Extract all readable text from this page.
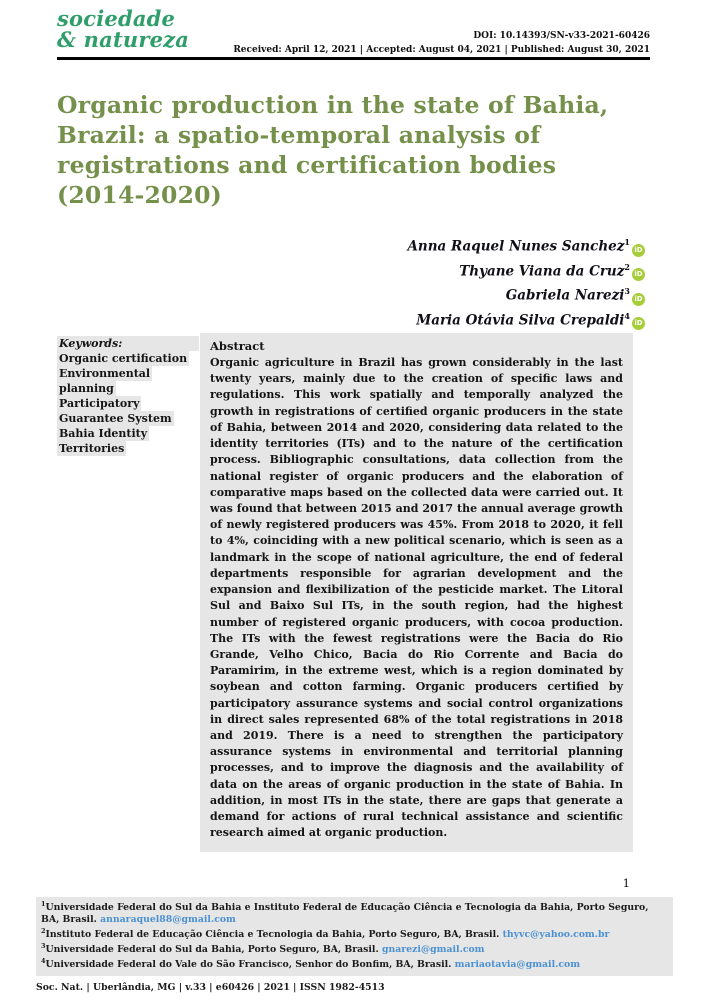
sociedade
& natureza	DOI: 10.14393/SN-v33-2021-60426
Received: April 12, 2021 | Accepted: August 04, 2021 | Published: August 30, 2021
Organic production in the state of Bahia, Brazil: a spatio-temporal analysis of registrations and certification bodies (2014-2020)
Anna Raquel Nunes Sanchez$^1$iD
Thyane Viana da Cruz$^2$iD
Gabriela Narezi$^3$iD
Maria Otávia Silva Crepaldi$^4$iD
Keywords:
Organic certification
Environmental planning
Participatory Guarantee System
Bahia Identity Territories
Abstract
Organic agriculture in Brazil has grown considerably in the last twenty years, mainly due to the creation of specific laws and regulations. This work spatially and temporally analyzed the growth in registrations of certified organic producers in the state of Bahia, between 2014 and 2020, considering data related to the identity territories (ITs) and to the nature of the certification process. Bibliographic consultations, data collection from the national register of organic producers and the elaboration of comparative maps based on the collected data were carried out. It was found that between 2015 and 2017 the annual average growth of newly registered producers was 45%. From 2018 to 2020, it fell to 4%, coinciding with a new political scenario, which is seen as a landmark in the scope of national agriculture, the end of federal departments responsible for agrarian development and the expansion and flexibilization of the pesticide market. The Litoral Sul and Baixo Sul ITs, in the south region, had the highest number of registered organic producers, with cocoa production. The ITs with the fewest registrations were the Bacia do Rio Grande, Velho Chico, Bacia do Rio Corrente and Bacia do Paramirim, in the extreme west, which is a region dominated by soybean and cotton farming. Organic producers certified by participatory assurance systems and social control organizations in direct sales represented 68% of the total registrations in 2018 and 2019. There is a need to strengthen the participatory assurance systems in environmental and territorial planning processes, and to improve the diagnosis and the availability of data on the areas of organic production in the state of Bahia. In addition, in most ITs in the state, there are gaps that generate a demand for actions of rural technical assistance and scientific research aimed at organic production.
1
$^1$Universidade Federal do Sul da Bahia e Instituto Federal de Educação Ciência e Tecnologia da Bahia, Porto Seguro, BA, Brasil. annaraquel88@gmail.com
$^2$Instituto Federal de Educação Ciência e Tecnologia da Bahia, Porto Seguro, BA, Brasil. thyvc@yahoo.com.br
$^3$Universidade Federal do Sul da Bahia, Porto Seguro, BA, Brasil. gnarezi@gmail.com
$^4$Universidade Federal do Vale do São Francisco, Senhor do Bonfim, BA, Brasil. mariaotavia@gmail.com
Soc. Nat. | Uberlândia, MG | v.33 | e60426 | 2021 | ISSN 1982-4513
